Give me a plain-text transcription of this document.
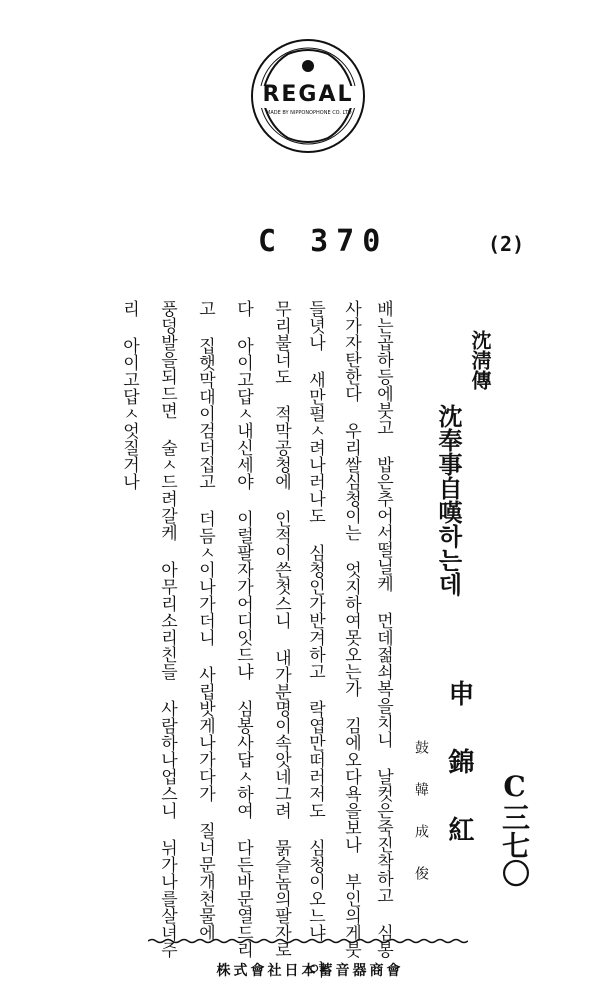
REGAL
MADE BY NIPPONOPHONE CO. LTD
C 370	(2)
C三七〇
申 錦 紅
鼓 韓 成 俊
沈淸傳
沈奉事自嘆하는데
배는곱하등에붓고 밥은추어서떨닐케 먼데젊쇠복을치니 날컷은죽진착하고 심봉
사가자탄한다 우리쌀심청이는 엇지하여못오는가 김에오다욕을보나 부인의게붓
들녓나 새만펄ㅅ려나러나도 심청인가반겨하고 락엽만떠러저도 심청이오느냐 아
무리불너도 적막공청에 인적이쓴첫스니 내가분명이속앗네그려 묽슬놈의팔자로
다 아이고답ㅅ내신세야 이럴팔자가어디잇드냐 심봉사답ㅅ하여 다든바문열드리
고 집햇막대이검더집고 더듬ㅅ이나가더니 사립밧게나가다가 질너문개천물에
풍덩발을되드면 술ㅅ드려갈케 아무리소리친들 사람하나업스니 뉘가나를살녀주
리 아이고답ㅅ엇질거나
株式會社日本蓄音器商會
